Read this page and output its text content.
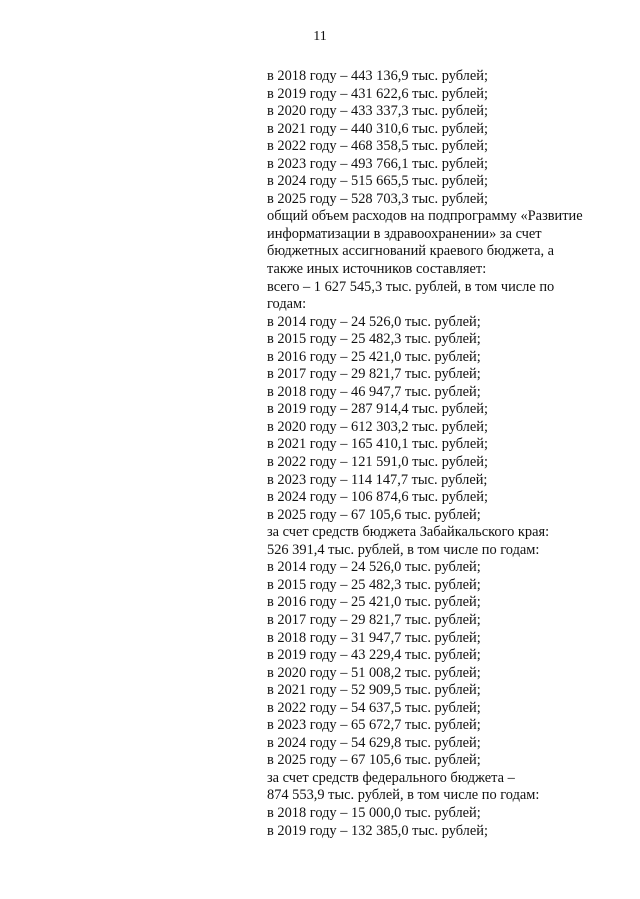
11
в 2018 году – 443 136,9 тыс. рублей;
в 2019 году – 431 622,6 тыс. рублей;
в 2020 году – 433 337,3 тыс. рублей;
в 2021 году – 440 310,6 тыс. рублей;
в 2022 году – 468 358,5 тыс. рублей;
в 2023 году – 493 766,1 тыс. рублей;
в 2024 году – 515 665,5 тыс. рублей;
в 2025 году – 528 703,3 тыс. рублей;
общий объем расходов на подпрограмму «Развитие
информатизации в здравоохранении» за счет
бюджетных ассигнований краевого бюджета, а
также иных источников составляет:
всего – 1 627 545,3 тыс. рублей, в том числе по
годам:
в 2014 году – 24 526,0 тыс. рублей;
в 2015 году – 25 482,3 тыс. рублей;
в 2016 году – 25 421,0 тыс. рублей;
в 2017 году – 29 821,7 тыс. рублей;
в 2018 году – 46 947,7 тыс. рублей;
в 2019 году – 287 914,4 тыс. рублей;
в 2020 году – 612 303,2 тыс. рублей;
в 2021 году – 165 410,1 тыс. рублей;
в 2022 году – 121 591,0 тыс. рублей;
в 2023 году – 114 147,7 тыс. рублей;
в 2024 году – 106 874,6 тыс. рублей;
в 2025 году – 67 105,6 тыс. рублей;
за счет средств бюджета Забайкальского края:
526 391,4 тыс. рублей, в том числе по годам:
в 2014 году – 24 526,0 тыс. рублей;
в 2015 году – 25 482,3 тыс. рублей;
в 2016 году – 25 421,0 тыс. рублей;
в 2017 году – 29 821,7 тыс. рублей;
в 2018 году – 31 947,7 тыс. рублей;
в 2019 году – 43 229,4 тыс. рублей;
в 2020 году – 51 008,2 тыс. рублей;
в 2021 году – 52 909,5 тыс. рублей;
в 2022 году – 54 637,5 тыс. рублей;
в 2023 году – 65 672,7 тыс. рублей;
в 2024 году – 54 629,8 тыс. рублей;
в 2025 году – 67 105,6 тыс. рублей;
за счет средств федерального бюджета –
874 553,9 тыс. рублей, в том числе по годам:
в 2018 году – 15 000,0 тыс. рублей;
в 2019 году – 132 385,0 тыс. рублей;
